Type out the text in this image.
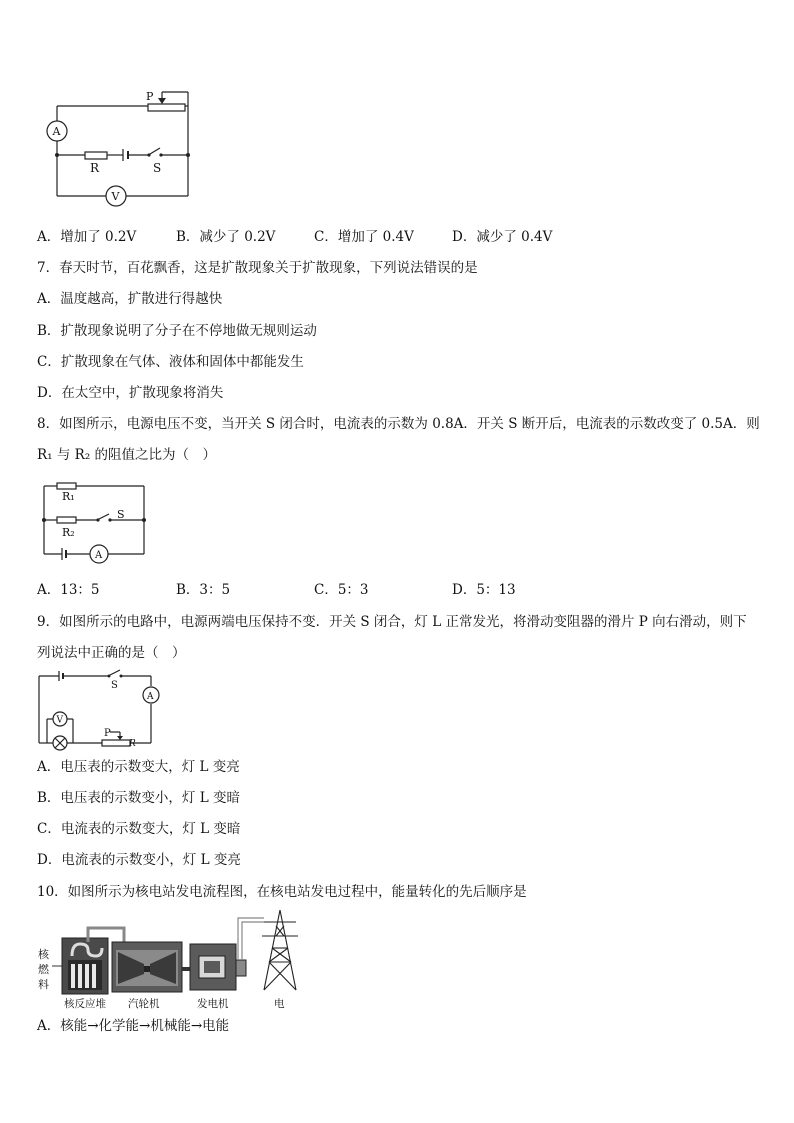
P
A
R	S
V
A．增加了 0.2V	B．减少了 0.2V	C．增加了 0.4V	D．减少了 0.4V
7．春天时节，百花飘香，这是扩散现象关于扩散现象，下列说法错误的是
A．温度越高，扩散进行得越快
B．扩散现象说明了分子在不停地做无规则运动
C．扩散现象在气体、液体和固体中都能发生
D．在太空中，扩散现象将消失
8．如图所示，电源电压不变，当开关 S 闭合时，电流表的示数为 0.8A．开关 S 断开后，电流表的示数改变了 0.5A．则
R₁ 与 R₂ 的阻值之比为（　）
R₁
R₂
S
A
A．13：5	B．3：5	C．5：3	D．5：13
9．如图所示的电路中，电源两端电压保持不变．开关 S 闭合，灯 L 正常发光，将滑动变阻器的滑片 P 向右滑动，则下
列说法中正确的是（　）
S
A
V
P
R
A．电压表的示数变大，灯 L 变亮
B．电压表的示数变小，灯 L 变暗
C．电流表的示数变大，灯 L 变暗
D．电流表的示数变小，灯 L 变亮
10．如图所示为核电站发电流程图，在核电站发电过程中，能量转化的先后顺序是
核
燃
料
核反应堆 汽轮机	发电机	电
A．核能→化学能→机械能→电能
